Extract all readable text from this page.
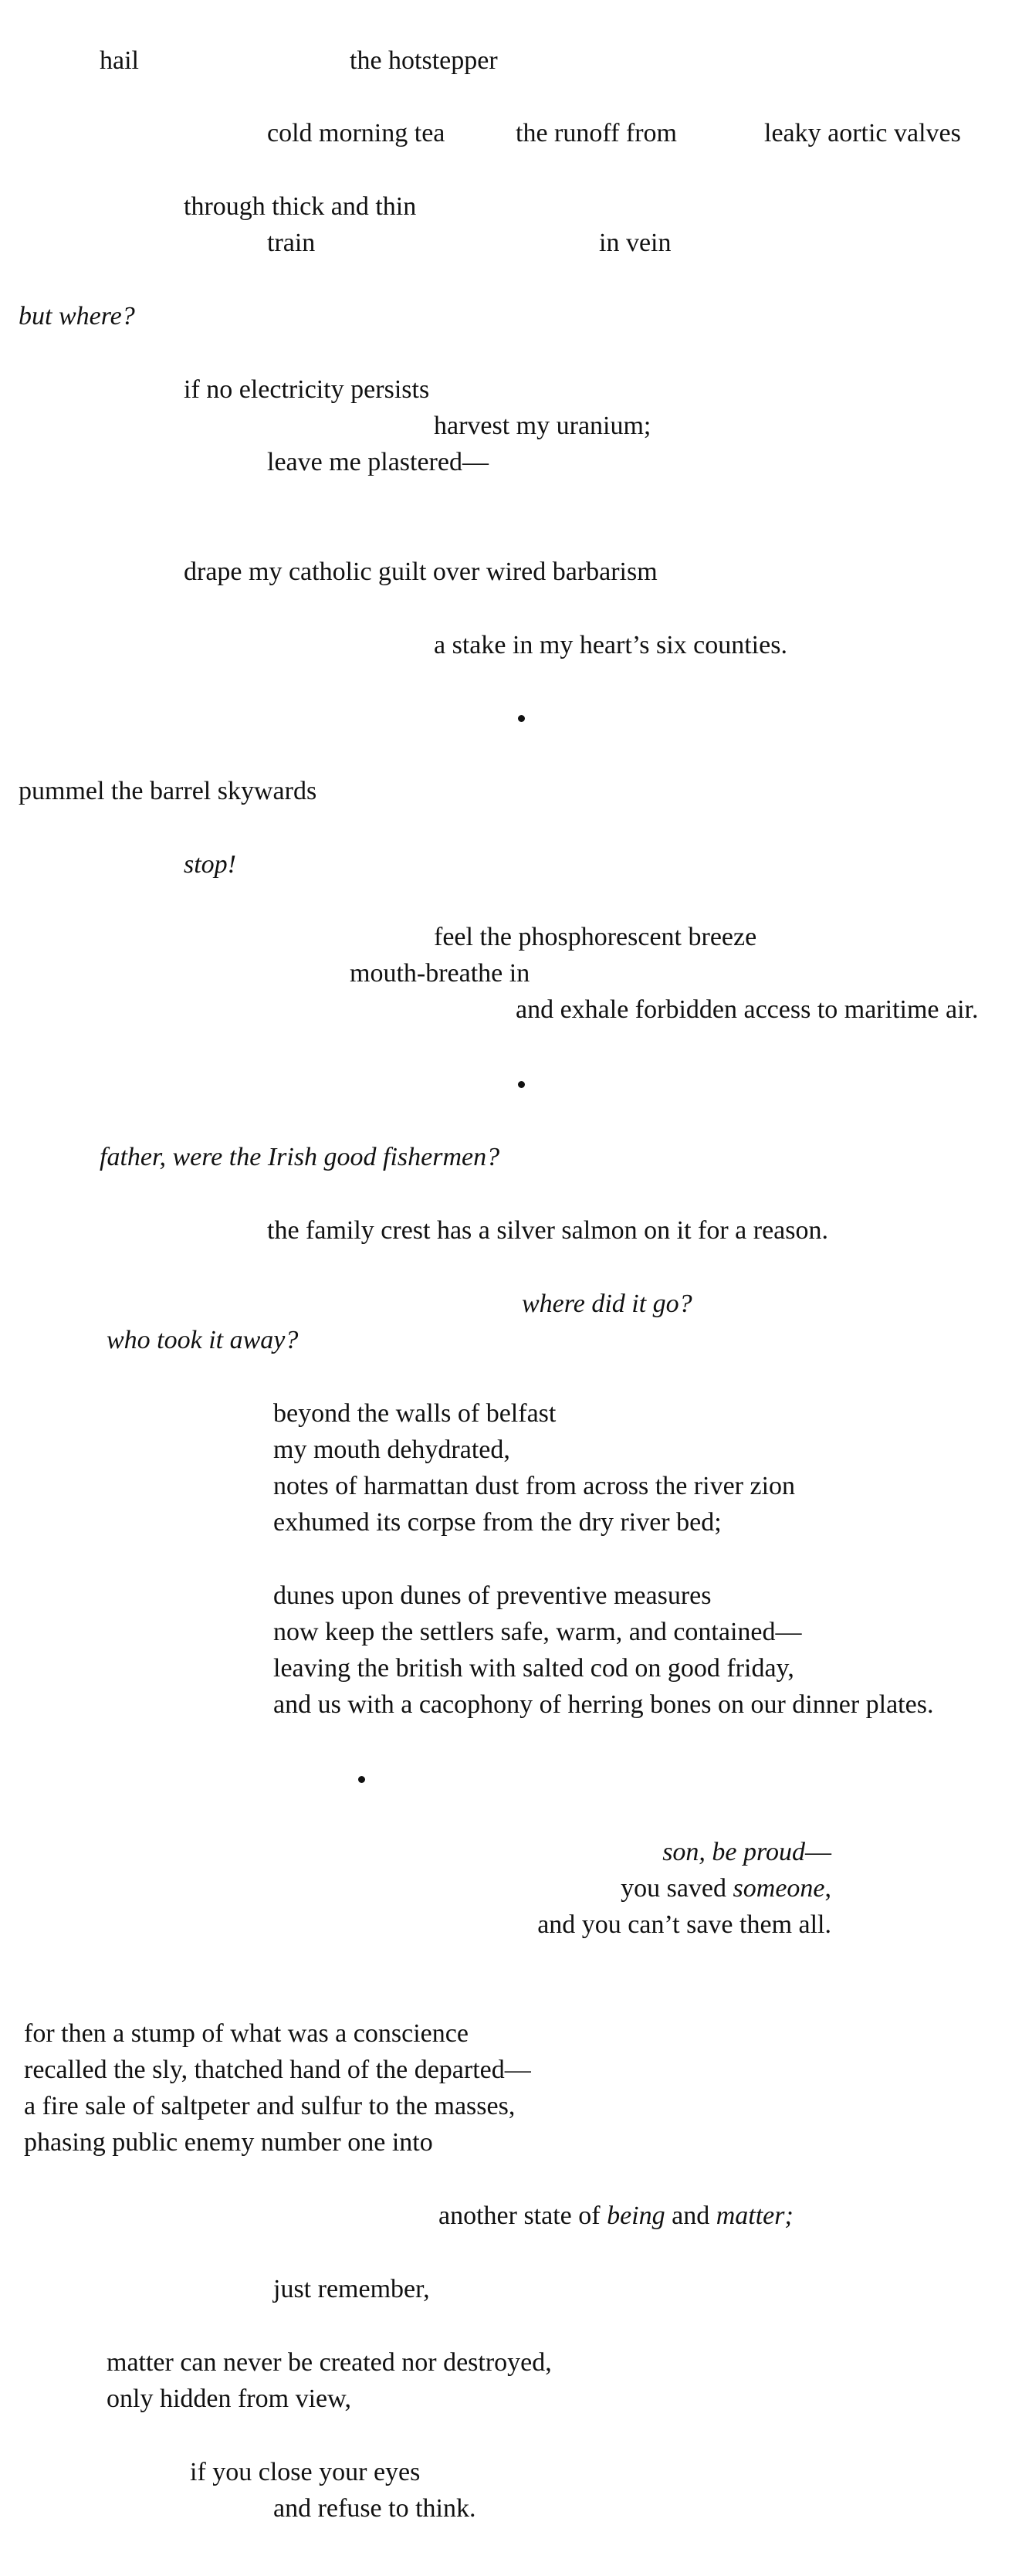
hail	the hotstepper
cold morning tea	the runoff from	leaky aortic valves
through thick and thin
train	in vein
but where?
if no electricity persists
harvest my uranium;
leave me plastered—
drape my catholic guilt over wired barbarism
a stake in my heart’s six counties.
pummel the barrel skywards
stop!
feel the phosphorescent breeze
mouth-breathe in
and exhale forbidden access to maritime air.
father, were the Irish good fishermen?
the family crest has a silver salmon on it for a reason.
where did it go?
who took it away?
beyond the walls of belfast
my mouth dehydrated,
notes of harmattan dust from across the river zion
exhumed its corpse from the dry river bed;
dunes upon dunes of preventive measures
now keep the settlers safe, warm, and contained—
leaving the british with salted cod on good friday,
and us with a cacophony of herring bones on our dinner plates.
son, be proud—
you saved someone,
and you can’t save them all.
for then a stump of what was a conscience
recalled the sly, thatched hand of the departed—
a fire sale of saltpeter and sulfur to the masses,
phasing public enemy number one into
another state of being and matter;
just remember,
matter can never be created nor destroyed,
only hidden from view,
if you close your eyes
and refuse to think.
